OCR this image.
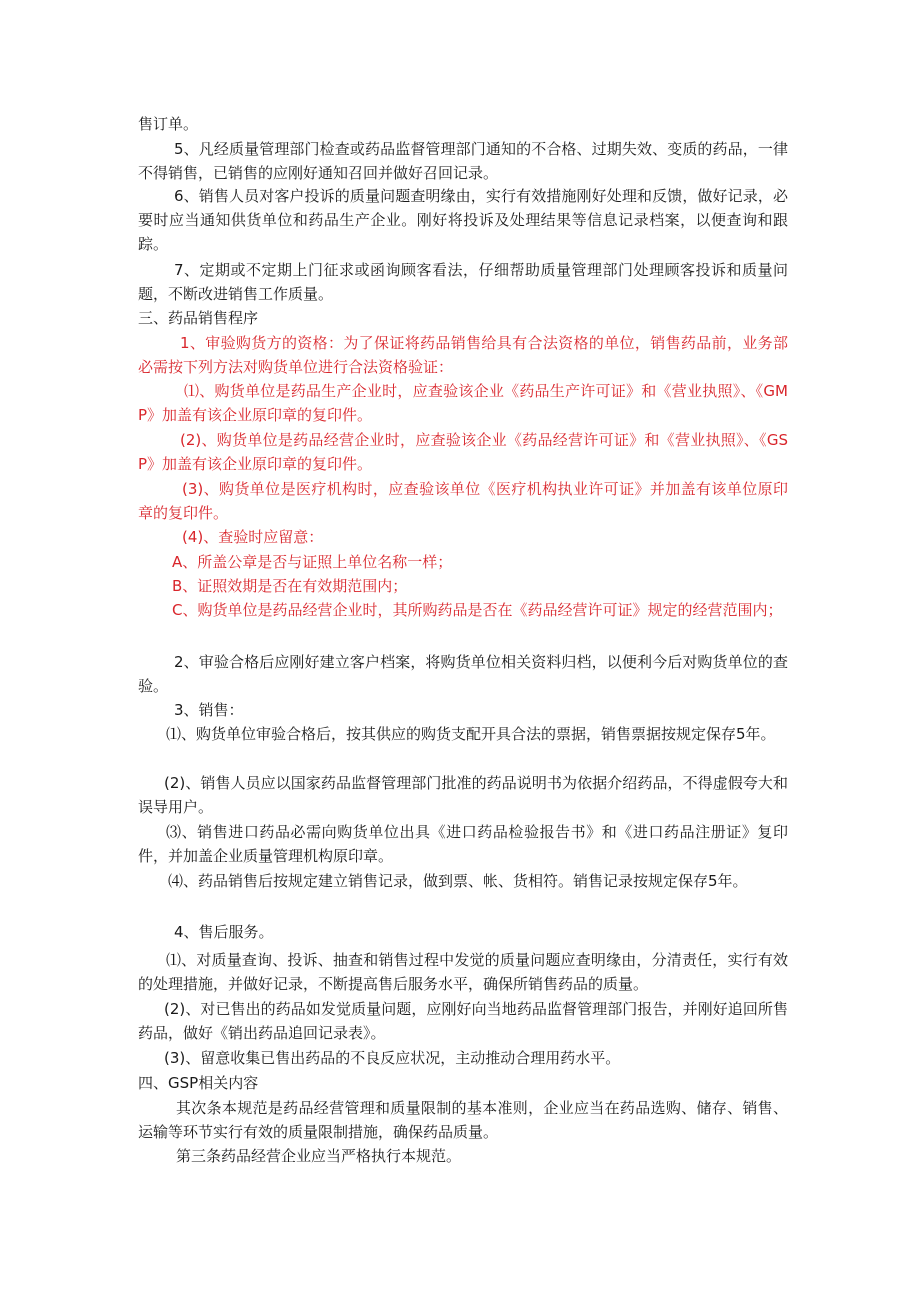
售订单。

5、凡经质量管理部门检查或药品监督管理部门通知的不合格、过期失效、变质的药品，一律不得销售，已销售的应刚好通知召回并做好召回记录。

6、销售人员对客户投诉的质量问题查明缘由，实行有效措施刚好处理和反馈，做好记录，必要时应当通知供货单位和药品生产企业。刚好将投诉及处理结果等信息记录档案，以便查询和跟踪。

7、定期或不定期上门征求或函询顾客看法，仔细帮助质量管理部门处理顾客投诉和质量问题，不断改进销售工作质量。

三、药品销售程序

1、审验购货方的资格：为了保证将药品销售给具有合法资格的单位，销售药品前，业务部必需按下列方法对购货单位进行合法资格验证：

⑴、购货单位是药品生产企业时，应查验该企业《药品生产许可证》和《营业执照》、《GMP》加盖有该企业原印章的复印件。

(2)、购货单位是药品经营企业时，应查验该企业《药品经营许可证》和《营业执照》、《GSP》加盖有该企业原印章的复印件。

(3)、购货单位是医疗机构时，应查验该单位《医疗机构执业许可证》并加盖有该单位原印章的复印件。

(4)、查验时应留意：

A、所盖公章是否与证照上单位名称一样；

B、证照效期是否在有效期范围内；

C、购货单位是药品经营企业时，其所购药品是否在《药品经营许可证》规定的经营范围内；

2、审验合格后应刚好建立客户档案，将购货单位相关资料归档，以便利今后对购货单位的查验。

3、销售：

⑴、购货单位审验合格后，按其供应的购货支配开具合法的票据，销售票据按规定保存5年。

(2)、销售人员应以国家药品监督管理部门批准的药品说明书为依据介绍药品，不得虚假夸大和误导用户。

⑶、销售进口药品必需向购货单位出具《进口药品检验报告书》和《进口药品注册证》复印件，并加盖企业质量管理机构原印章。

⑷、药品销售后按规定建立销售记录，做到票、帐、货相符。销售记录按规定保存5年。

4、售后服务。

⑴、对质量查询、投诉、抽查和销售过程中发觉的质量问题应查明缘由，分清责任，实行有效的处理措施，并做好记录，不断提高售后服务水平，确保所销售药品的质量。

(2)、对已售出的药品如发觉质量问题，应刚好向当地药品监督管理部门报告，并刚好追回所售药品，做好《销出药品追回记录表》。

(3)、留意收集已售出药品的不良反应状况，主动推动合理用药水平。

四、GSP相关内容

其次条本规范是药品经营管理和质量限制的基本准则，企业应当在药品选购、储存、销售、运输等环节实行有效的质量限制措施，确保药品质量。

第三条药品经营企业应当严格执行本规范。
